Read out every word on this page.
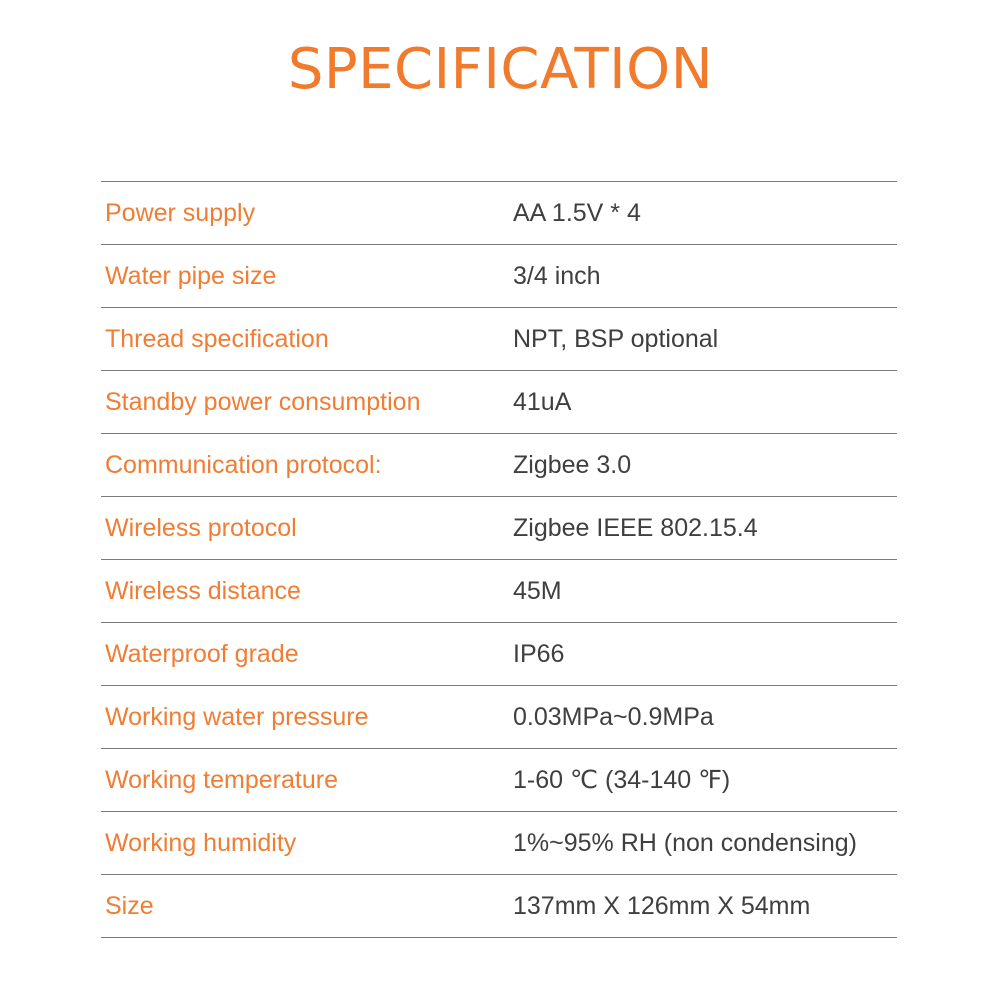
SPECIFICATION
Power supply	AA 1.5V * 4
Water pipe size	3/4 inch
Thread specification	NPT, BSP optional
Standby power consumption	41uA
Communication protocol:	Zigbee 3.0
Wireless protocol	Zigbee IEEE 802.15.4
Wireless distance	45M
Waterproof grade	IP66
Working water pressure	0.03MPa~0.9MPa
Working temperature	1-60 ℃ (34-140 ℉)
Working humidity	1%~95% RH (non condensing)
Size	137mm X 126mm X 54mm
